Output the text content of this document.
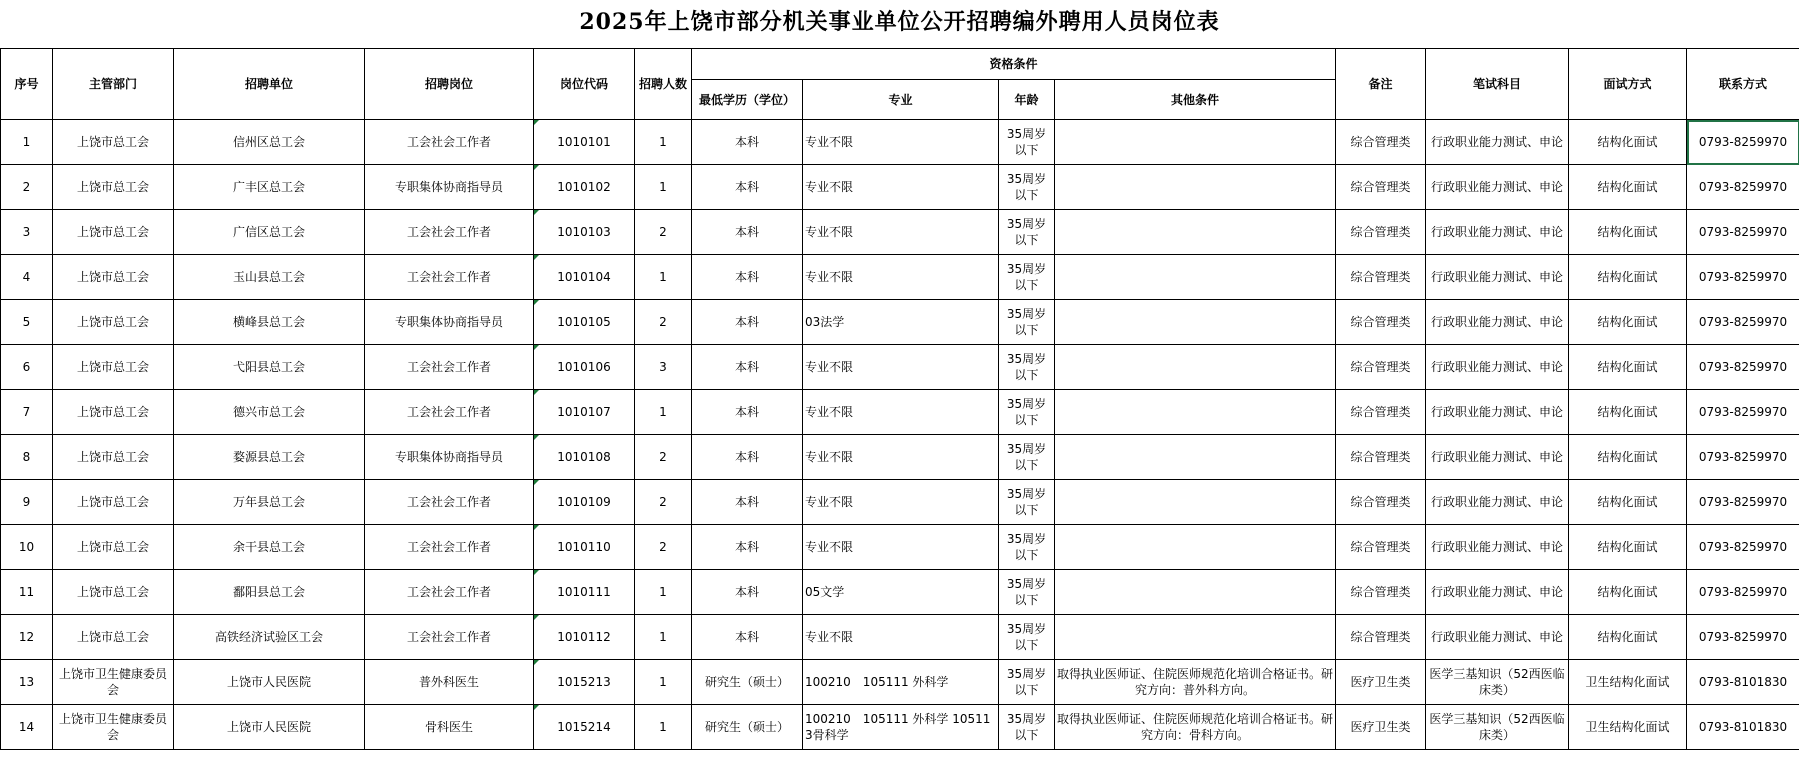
2025年上饶市部分机关事业单位公开招聘编外聘用人员岗位表
序号	主管部门	招聘单位	招聘岗位	岗位代码	招聘人数	资格条件				备注	笔试科目	面试方式	联系方式
						最低学历（学位）	专业	年龄	其他条件				
1	上饶市总工会	信州区总工会	工会社会工作者	1010101	1	本科	专业不限	35周岁以下		综合管理类	行政职业能力测试、申论	结构化面试	0793-8259970
2	上饶市总工会	广丰区总工会	专职集体协商指导员	1010102	1	本科	专业不限	35周岁以下		综合管理类	行政职业能力测试、申论	结构化面试	0793-8259970
3	上饶市总工会	广信区总工会	工会社会工作者	1010103	2	本科	专业不限	35周岁以下		综合管理类	行政职业能力测试、申论	结构化面试	0793-8259970
4	上饶市总工会	玉山县总工会	工会社会工作者	1010104	1	本科	专业不限	35周岁以下		综合管理类	行政职业能力测试、申论	结构化面试	0793-8259970
5	上饶市总工会	横峰县总工会	专职集体协商指导员	1010105	2	本科	03法学	35周岁以下		综合管理类	行政职业能力测试、申论	结构化面试	0793-8259970
6	上饶市总工会	弋阳县总工会	工会社会工作者	1010106	3	本科	专业不限	35周岁以下		综合管理类	行政职业能力测试、申论	结构化面试	0793-8259970
7	上饶市总工会	德兴市总工会	工会社会工作者	1010107	1	本科	专业不限	35周岁以下		综合管理类	行政职业能力测试、申论	结构化面试	0793-8259970
8	上饶市总工会	婺源县总工会	专职集体协商指导员	1010108	2	本科	专业不限	35周岁以下		综合管理类	行政职业能力测试、申论	结构化面试	0793-8259970
9	上饶市总工会	万年县总工会	工会社会工作者	1010109	2	本科	专业不限	35周岁以下		综合管理类	行政职业能力测试、申论	结构化面试	0793-8259970
10	上饶市总工会	余干县总工会	工会社会工作者	1010110	2	本科	专业不限	35周岁以下		综合管理类	行政职业能力测试、申论	结构化面试	0793-8259970
11	上饶市总工会	鄱阳县总工会	工会社会工作者	1010111	1	本科	05文学	35周岁以下		综合管理类	行政职业能力测试、申论	结构化面试	0793-8259970
12	上饶市总工会	高铁经济试验区工会	工会社会工作者	1010112	1	本科	专业不限	35周岁以下		综合管理类	行政职业能力测试、申论	结构化面试	0793-8259970
13	上饶市卫生健康委员会	上饶市人民医院	普外科医生	1015213	1	研究生（硕士）	100210　105111 外科学	35周岁以下	取得执业医师证、住院医师规范化培训合格证书。研究方向：普外科方向。	医疗卫生类	医学三基知识（52西医临床类）	卫生结构化面试	0793-8101830
14	上饶市卫生健康委员会	上饶市人民医院	骨科医生	1015214	1	研究生（硕士）	100210　105111 外科学 105113骨科学	35周岁以下	取得执业医师证、住院医师规范化培训合格证书。研究方向：骨科方向。	医疗卫生类	医学三基知识（52西医临床类）	卫生结构化面试	0793-8101830
